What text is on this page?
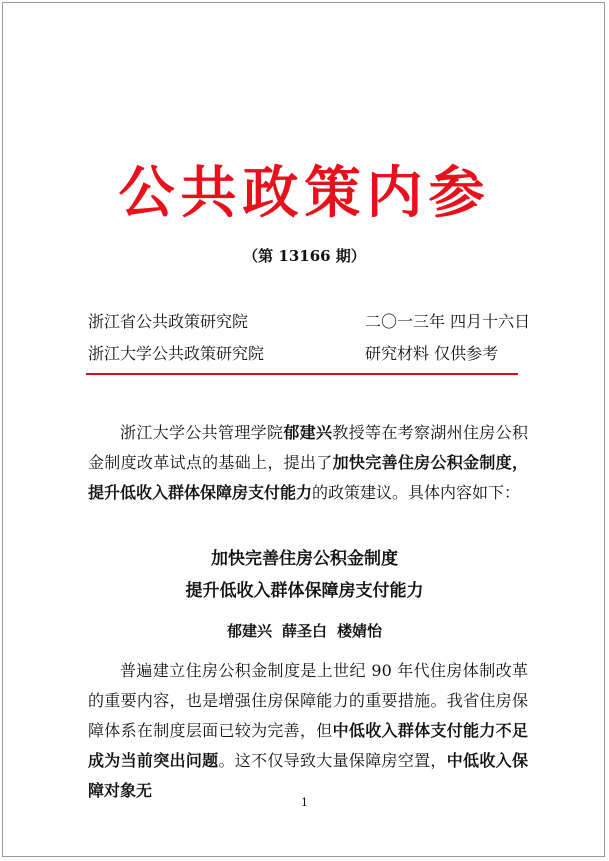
公共政策内参
（第 13166 期）
浙江省公共政策研究院	二〇一三年 四月十六日
浙江大学公共政策研究院	研究材料 仅供参考
浙江大学公共管理学院郁建兴教授等在考察湖州住房公积金制度改革试点的基础上，提出了加快完善住房公积金制度，提升低收入群体保障房支付能力的政策建议。具体内容如下：
加快完善住房公积金制度
提升低收入群体保障房支付能力
郁建兴 薛圣白 楼婧怡
普遍建立住房公积金制度是上世纪 90 年代住房体制改革的重要内容，也是增强住房保障能力的重要措施。我省住房保障体系在制度层面已较为完善，但中低收入群体支付能力不足成为当前突出问题。这不仅导致大量保障房空置，中低收入保障对象无
1
